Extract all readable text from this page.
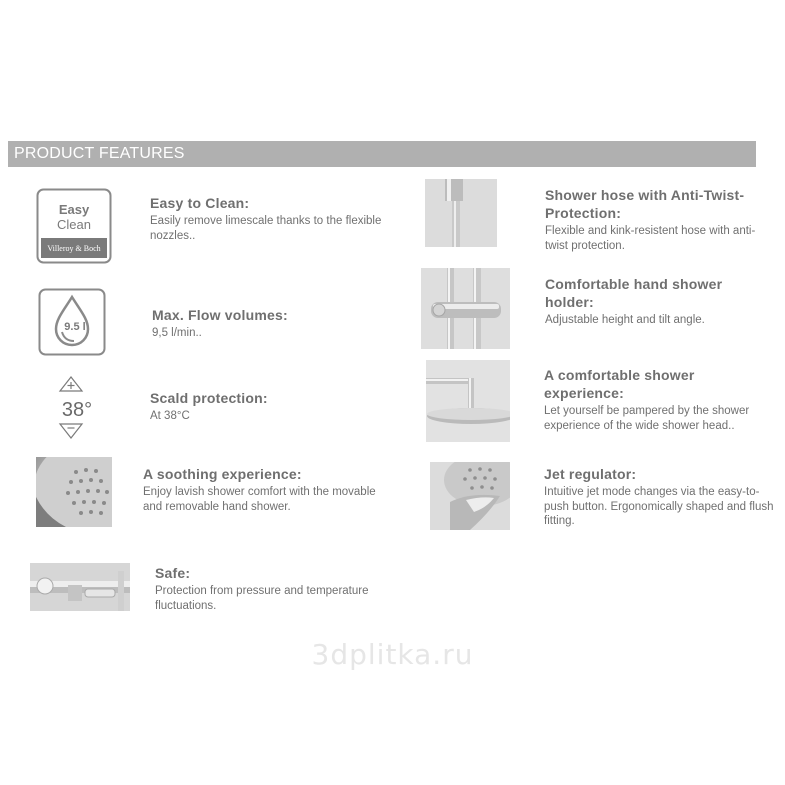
PRODUCT FEATURES
Easy
Clean
Villeroy & Boch
9.5 l
38°
Easy to Clean:
Easily remove limescale thanks to the flexible nozzles..
Max. Flow volumes:
9,5 l/min..
Scald protection:
At 38°C
A soothing experience:
Enjoy lavish shower comfort with the movable and removable hand shower.
Safe:
Protection from pressure and temperature fluctuations.
Shower hose with Anti-Twist-Protection:
Flexible and kink-resistent hose with anti-twist protection.
Comfortable hand shower holder:
Adjustable height and tilt angle.
A comfortable shower experience:
Let yourself be pampered by the shower experience of the wide shower head..
Jet regulator:
Intuitive jet mode changes via the easy-to-push button. Ergonomically shaped and flush fitting.
3dplitka.ru
